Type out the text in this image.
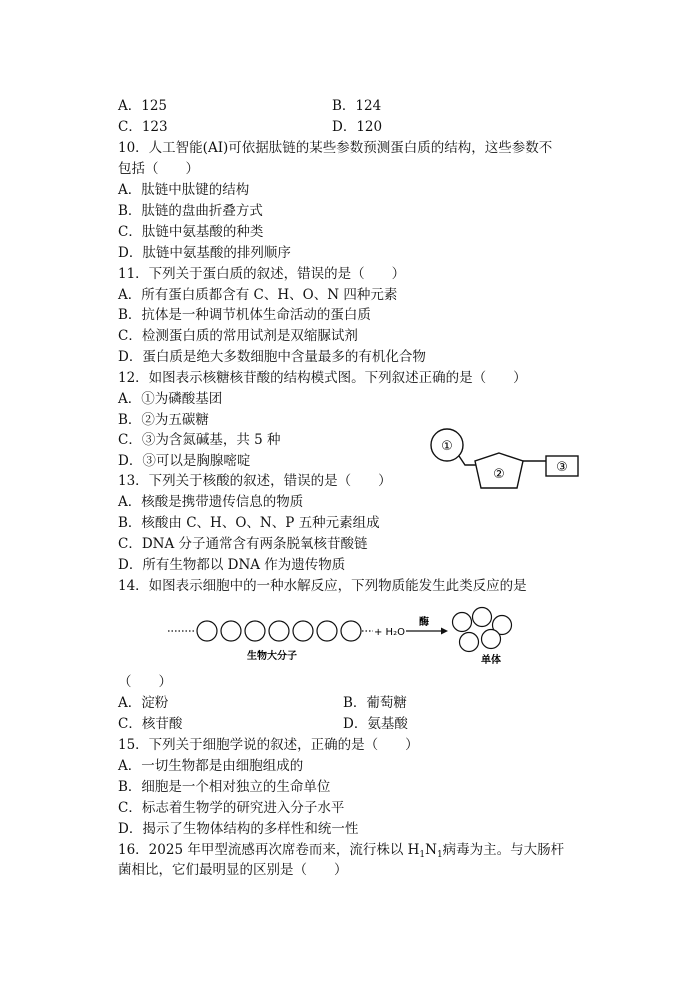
A．125	B．124
C．123	D．120
10．人工智能(AI)可依据肽链的某些参数预测蛋白质的结构，这些参数不
包括（　　）
A．肽链中肽键的结构
B．肽链的盘曲折叠方式
C．肽链中氨基酸的种类
D．肽链中氨基酸的排列顺序
11．下列关于蛋白质的叙述，错误的是（　　）
A．所有蛋白质都含有 C、H、O、N 四种元素
B．抗体是一种调节机体生命活动的蛋白质
C．检测蛋白质的常用试剂是双缩脲试剂
D．蛋白质是绝大多数细胞中含量最多的有机化合物
12．如图表示核糖核苷酸的结构模式图。下列叙述正确的是（　　）
A．①为磷酸基团
B．②为五碳糖
C．③为含氮碱基，共 5 种
D．③可以是胸腺嘧啶
①
②	③
13．下列关于核酸的叙述，错误的是（　　）
A．核酸是携带遗传信息的物质
B．核酸由 C、H、O、N、P 五种元素组成
C．DNA 分子通常含有两条脱氧核苷酸链
D．所有生物都以 DNA 作为遗传物质
14．如图表示细胞中的一种水解反应，下列物质能发生此类反应的是
+ H₂O
酶
生物大分子	单体
（　　）
A．淀粉	B．葡萄糖
C．核苷酸	D．氨基酸
15．下列关于细胞学说的叙述，正确的是（　　）
A．一切生物都是由细胞组成的
B．细胞是一个相对独立的生命单位
C．标志着生物学的研究进入分子水平
D．揭示了生物体结构的多样性和统一性
16．2025 年甲型流感再次席卷而来，流行株以 $H_1N_1$病毒为主。与大肠杆
菌相比，它们最明显的区别是（　　）
